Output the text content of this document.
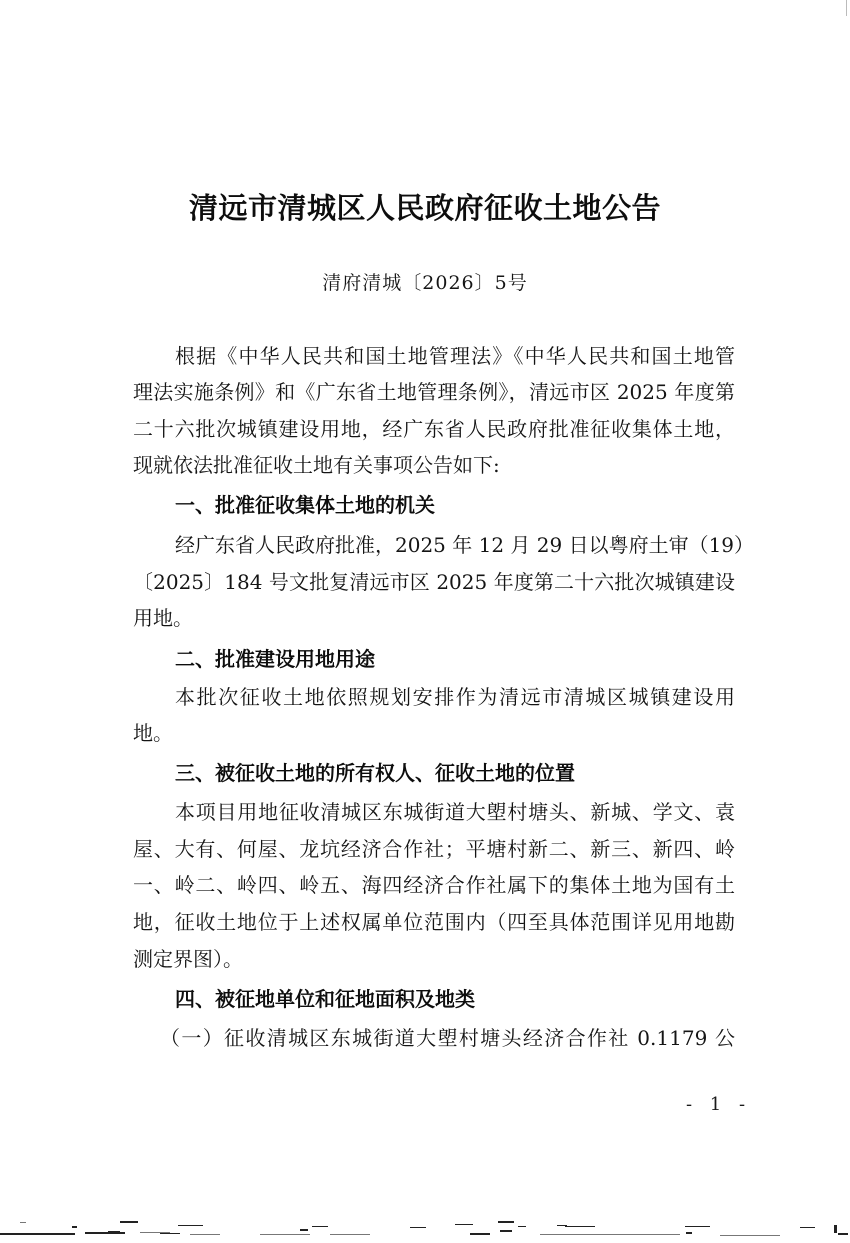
清远市清城区人民政府征收土地公告
清府清城〔2026〕5号
根据《中华人民共和国土地管理法》《中华人民共和国土地管
理法实施条例》和《广东省土地管理条例》，清远市区 2025 年度第
二十六批次城镇建设用地，经广东省人民政府批准征收集体土地，
现就依法批准征收土地有关事项公告如下:
一、批准征收集体土地的机关
经广东省人民政府批准，2025 年 12 月 29 日以粤府土审（19）
〔2025〕184 号文批复清远市区 2025 年度第二十六批次城镇建设
用地。
二、批准建设用地用途
本批次征收土地依照规划安排作为清远市清城区城镇建设用
地。
三、被征收土地的所有权人、征收土地的位置
本项目用地征收清城区东城街道大塱村塘头、新城、学文、袁
屋、大有、何屋、龙坑经济合作社；平塘村新二、新三、新四、岭
一、岭二、岭四、岭五、海四经济合作社属下的集体土地为国有土
地，征收土地位于上述权属单位范围内（四至具体范围详见用地勘
测定界图）。
四、被征地单位和征地面积及地类
（一）征收清城区东城街道大塱村塘头经济合作社 0.1179 公
- 1 -
